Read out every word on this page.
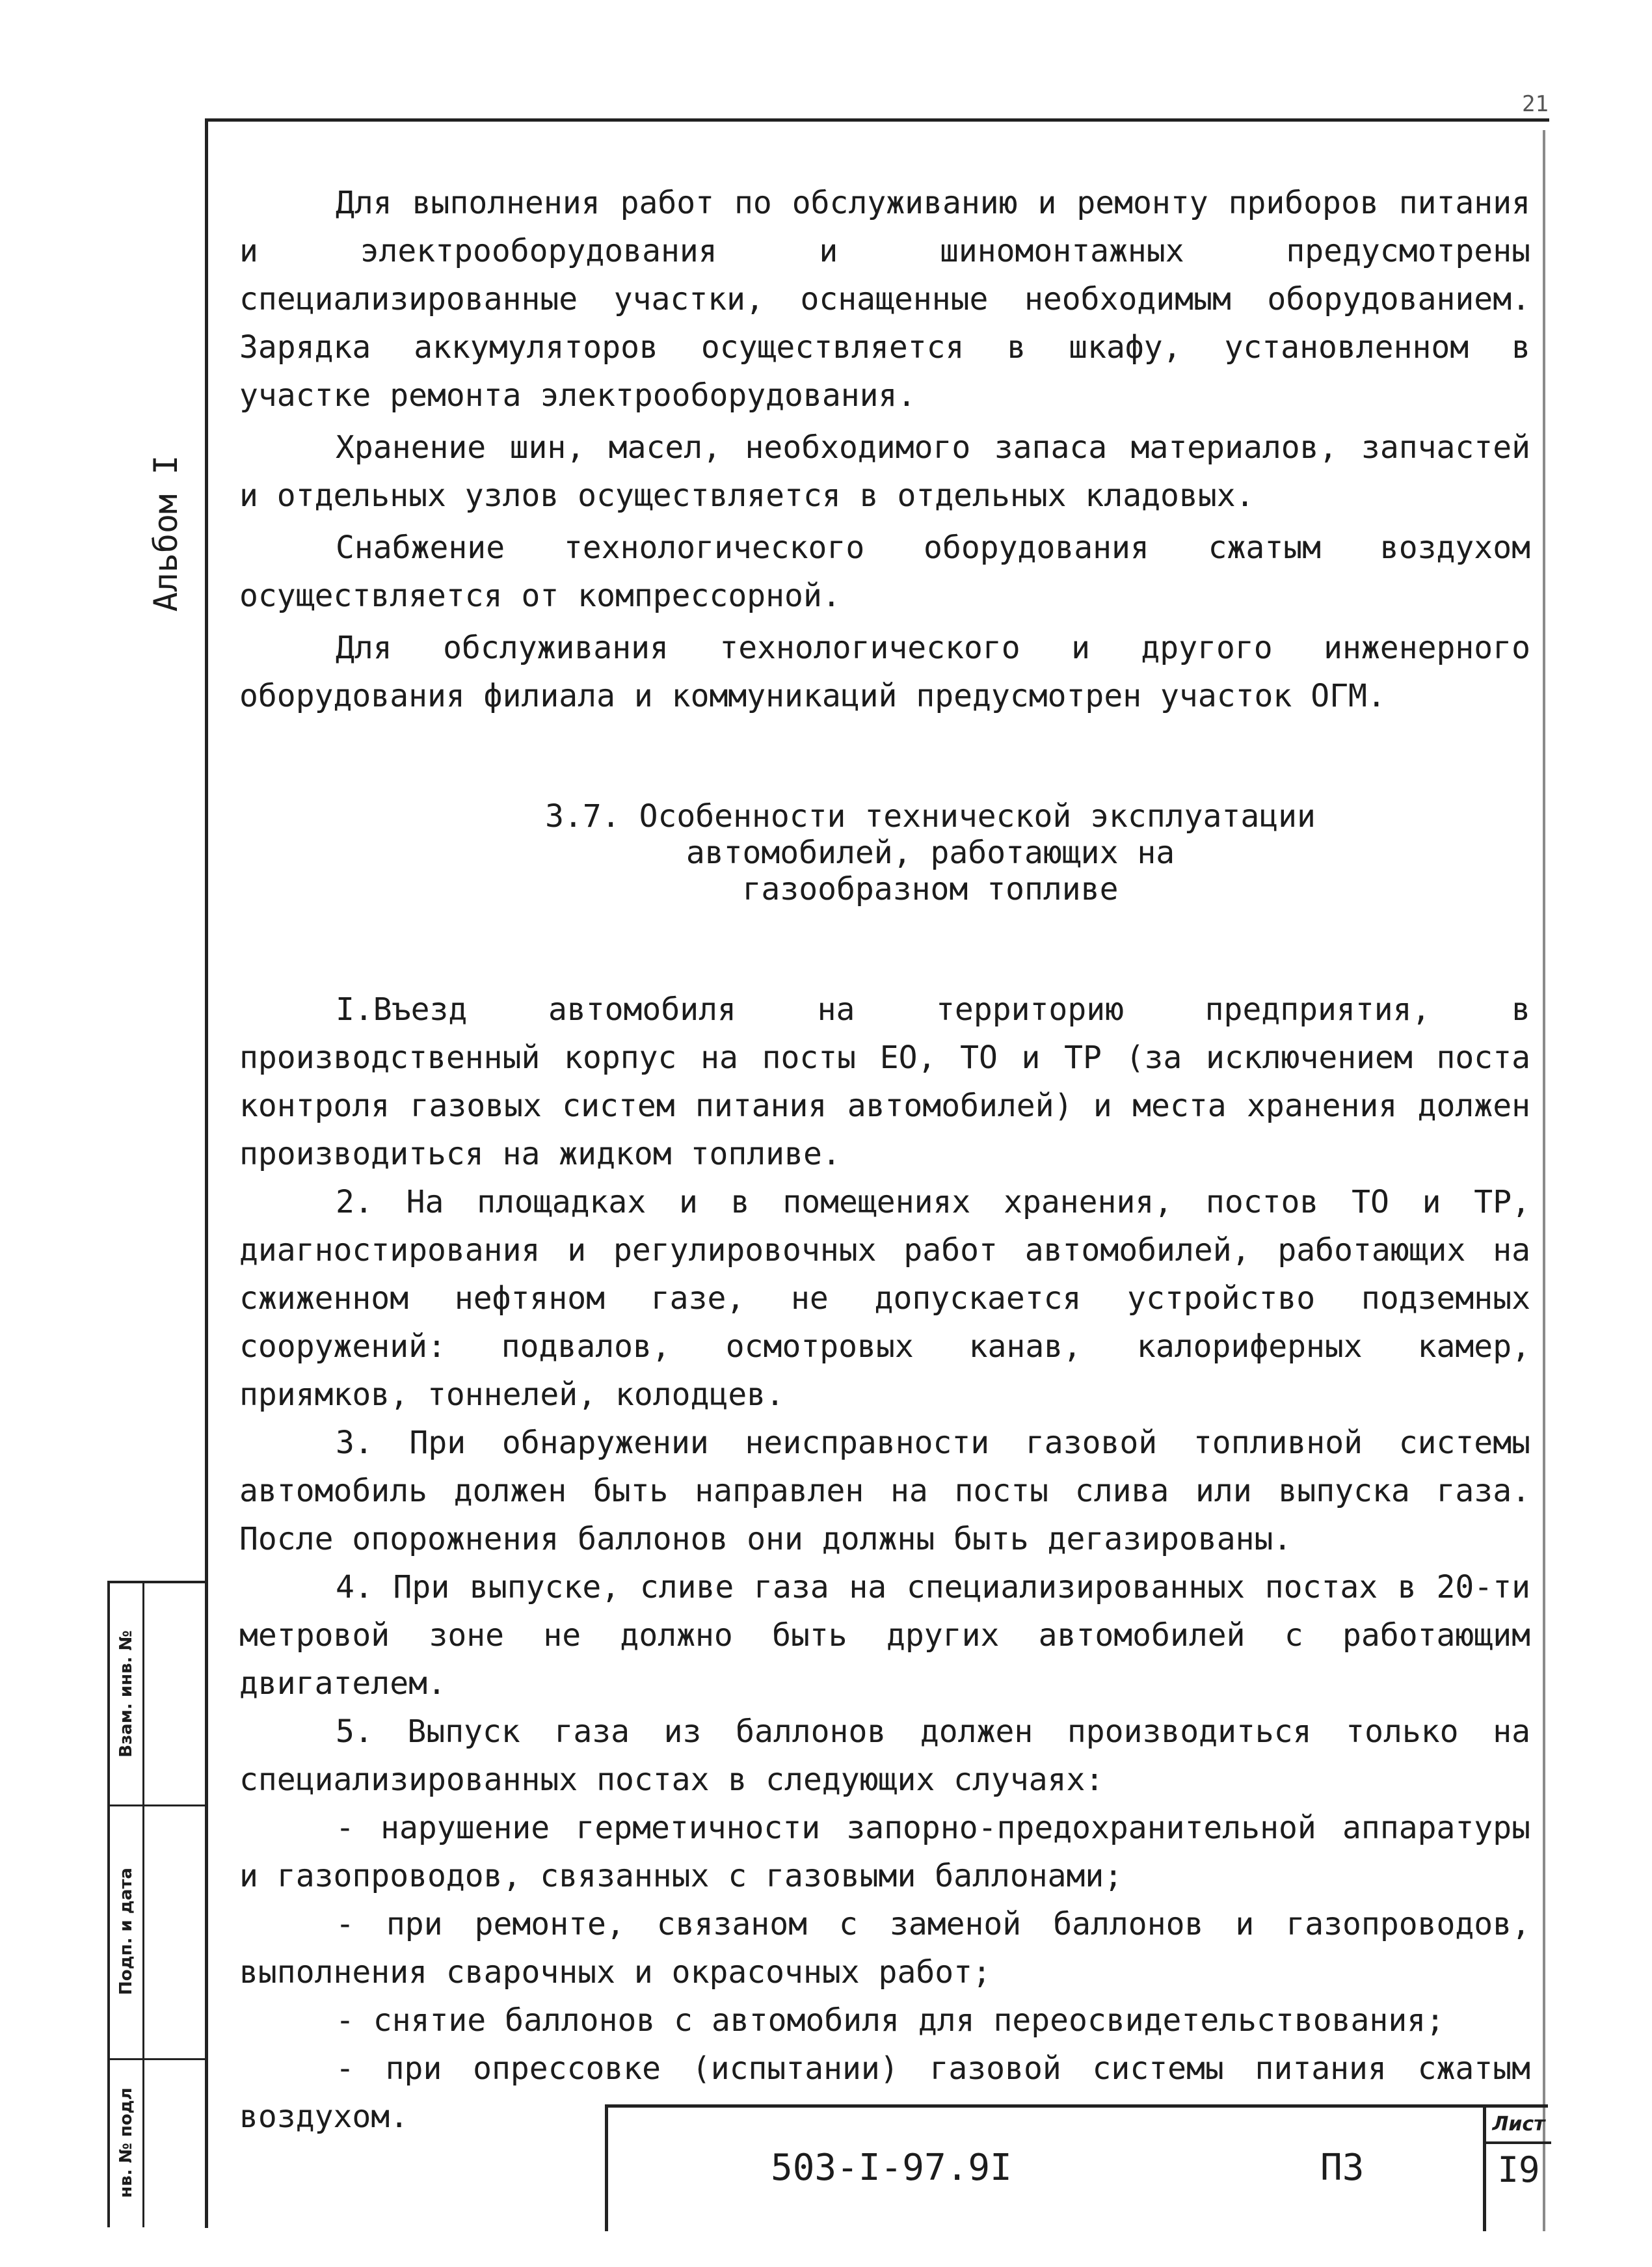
21
Альбом I

Для выполнения работ по обслуживанию и ремонту приборов питания и электрооборудования и шиномонтажных предусмотрены специализированные участки, оснащенные необходимым оборудованием. Зарядка аккумуляторов осуществляется в шкафу, установленном в участке ремонта электрооборудования.

Хранение шин, масел, необходимого запаса материалов, запчастей и отдельных узлов осуществляется в отдельных кладовых.

Снабжение технологического оборудования сжатым воздухом осуществляется от компрессорной.

Для обслуживания технологического и другого инженерного оборудования филиала и коммуникаций предусмотрен участок ОГМ.

3.7. Особенности технической эксплуатации
автомобилей, работающих на
газообразном топливе

I.Въезд автомобиля на территорию предприятия, в производственный корпус на посты ЕО, ТО и ТР (за исключением поста контроля газовых систем питания автомобилей) и места хранения должен производиться на жидком топливе.

2. На площадках и в помещениях хранения, постов ТО и ТР, диагностирования и регулировочных работ автомобилей, работающих на сжиженном нефтяном газе, не допускается устройство подземных сооружений: подвалов, осмотровых канав, калориферных камер, приямков, тоннелей, колодцев.

3. При обнаружении неисправности газовой топливной системы автомобиль должен быть направлен на посты слива или выпуска газа. После опорожнения баллонов они должны быть дегазированы.

4. При выпуске, сливе газа на специализированных постах в 20-ти метровой зоне не должно быть других автомобилей с работающим двигателем.

5. Выпуск газа из баллонов должен производиться только на специализированных постах в следующих случаях:

- нарушение герметичности запорно-предохранительной аппаратуры и газопроводов, связанных с газовыми баллонами;

- при ремонте, связаном с заменой баллонов и газопроводов, выполнения сварочных и окрасочных работ;

- снятие баллонов с автомобиля для переосвидетельствования;

- при опрессовке (испытании) газовой системы питания сжатым воздухом.

Взам. инв. №
Подп. и дата
нв. № подл	503-I-97.9I	ПЗ
Лист
I9
